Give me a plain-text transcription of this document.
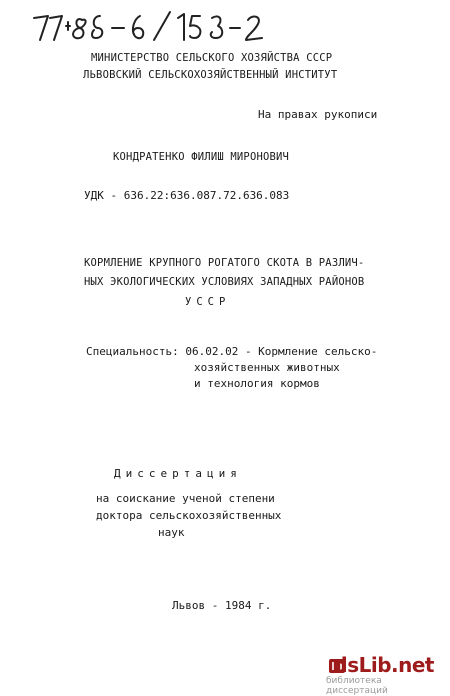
МИНИСТЕРСТВО СЕЛЬСКОГО ХОЗЯЙСТВА СССР
ЛЬВОВСКИЙ СЕЛЬСКОХОЗЯЙСТВЕННЫЙ ИНСТИТУТ
На правах рукописи
КОНДРАТЕНКО ФИЛИШ МИРОНОВИЧ
УДК - 636.22:636.087.72.636.083
КОРМЛЕНИЕ КРУПНОГО РОГАТОГО СКОТА В РАЗЛИЧ-
НЫХ ЭКОЛОГИЧЕСКИХ УСЛОВИЯХ ЗАПАДНЫХ РАЙОНОВ
УССР
Специальность: 06.02.02 - Кормление сельско-
хозяйственных животных
и технология кормов
Диссертация
на соискание ученой степени
доктора сельскохозяйственных
наук
Львов - 1984 г.
dsLib.net
библиотека диссертаций
